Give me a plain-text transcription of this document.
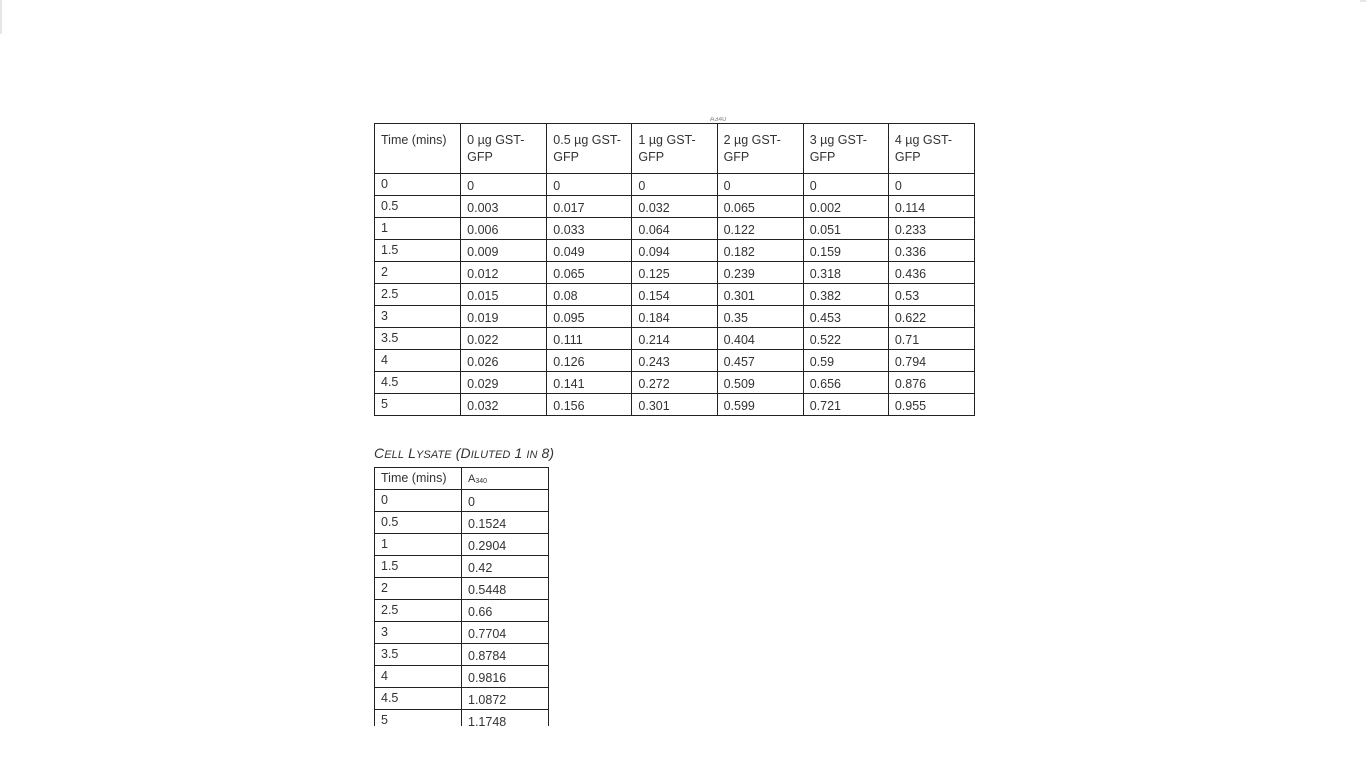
A340
Time (mins)	0 µg GST-GFP	0.5 µg GST-GFP	1 µg GST-GFP	2 µg GST-GFP	3 µg GST-GFP	4 µg GST-GFP
0	0	0	0	0	0	0
0.5	0.003	0.017	0.032	0.065	0.002	0.114
1	0.006	0.033	0.064	0.122	0.051	0.233
1.5	0.009	0.049	0.094	0.182	0.159	0.336
2	0.012	0.065	0.125	0.239	0.318	0.436
2.5	0.015	0.08	0.154	0.301	0.382	0.53
3	0.019	0.095	0.184	0.35	0.453	0.622
3.5	0.022	0.111	0.214	0.404	0.522	0.71
4	0.026	0.126	0.243	0.457	0.59	0.794
4.5	0.029	0.141	0.272	0.509	0.656	0.876
5	0.032	0.156	0.301	0.599	0.721	0.955
CELL LYSATE (DILUTED 1 IN 8)
Time (mins)	$A_{340}$
0	0
0.5	0.1524
1	0.2904
1.5	0.42
2	0.5448
2.5	0.66
3	0.7704
3.5	0.8784
4	0.9816
4.5	1.0872
5	1.1748
